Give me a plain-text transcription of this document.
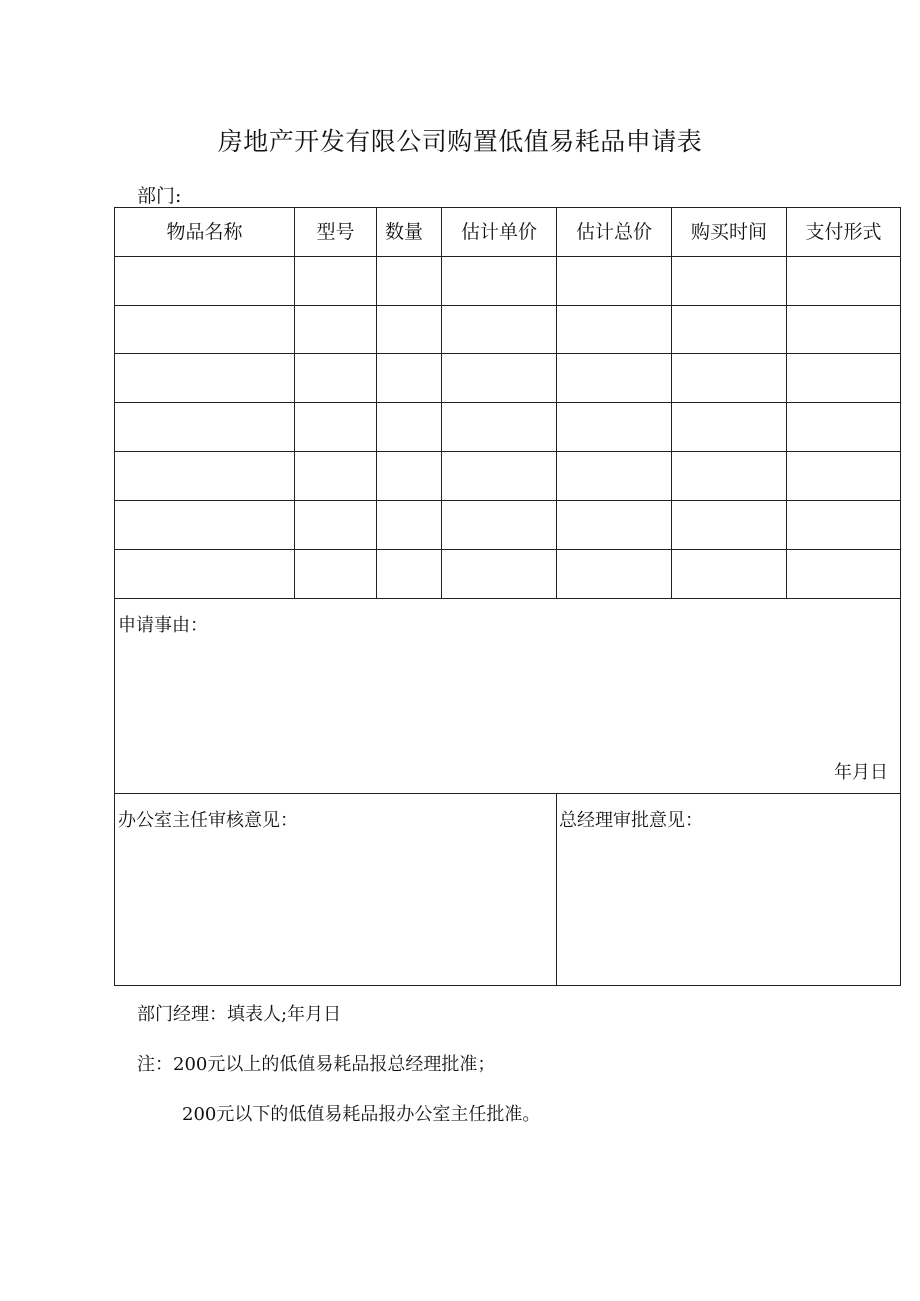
房地产开发有限公司购置低值易耗品申请表
部门:
物品名称	型号	数量	估计单价	估计总价	购买时间	支付形式
申请事由：
年月日
办公室主任审核意见：	总经理审批意见：
部门经理：填表人;年月日
注：200元以上的低值易耗品报总经理批准；
200元以下的低值易耗品报办公室主任批准。
